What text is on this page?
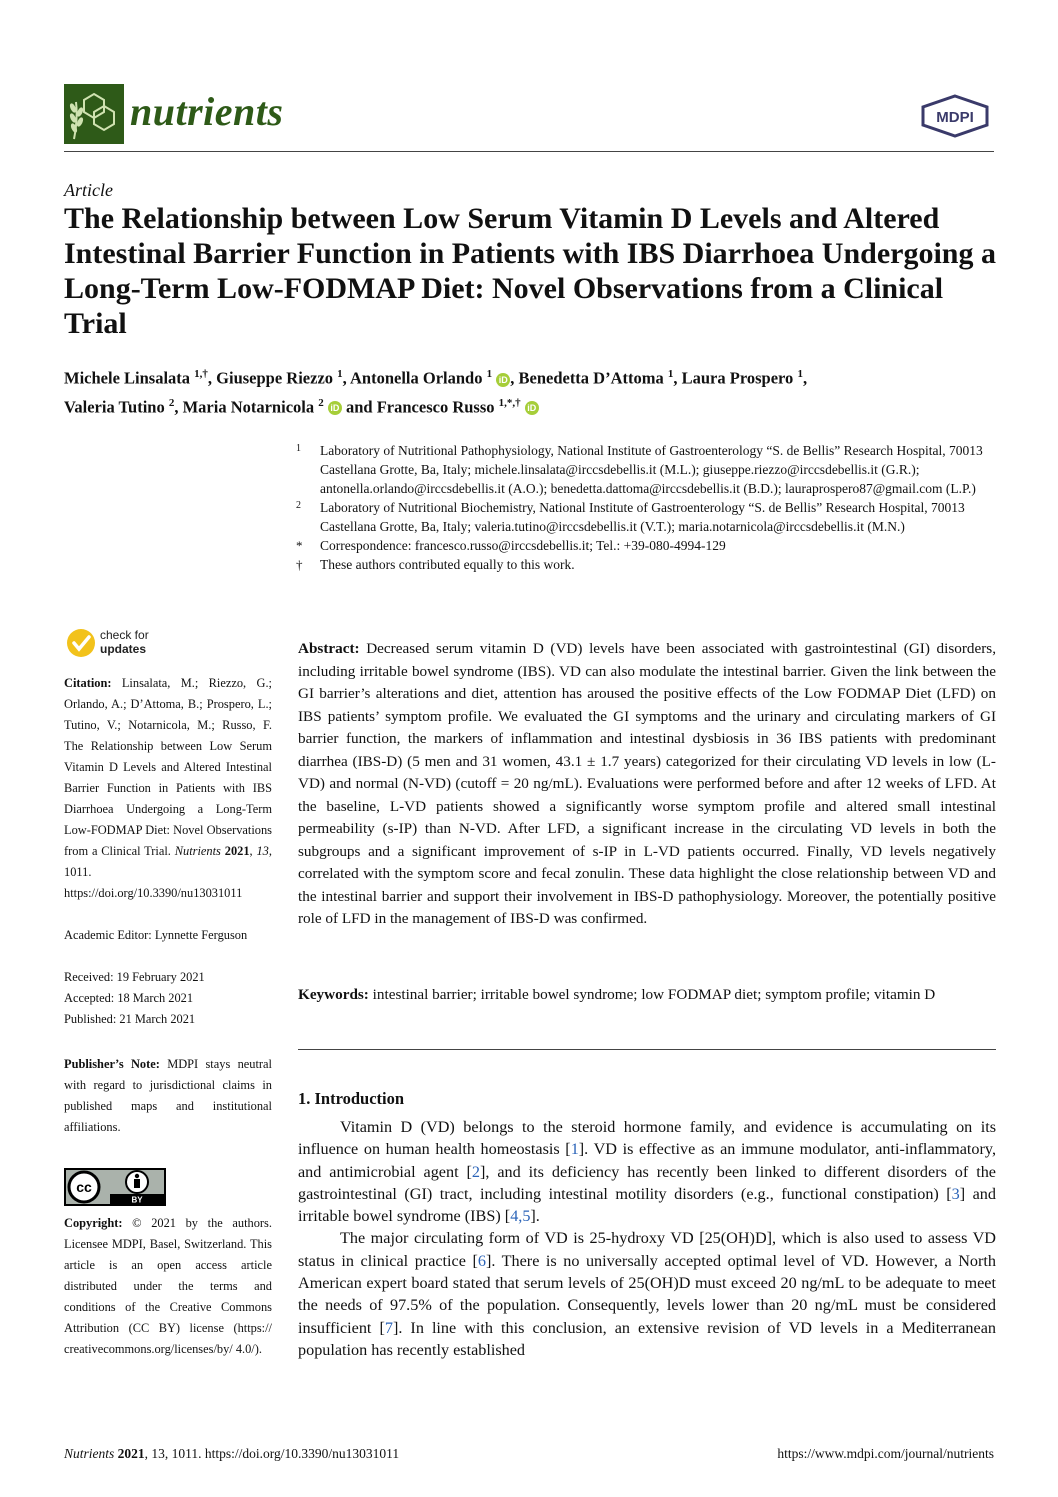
nutrients	MDPI
Article
The Relationship between Low Serum Vitamin D Levels and Altered Intestinal Barrier Function in Patients with IBS Diarrhoea Undergoing a Long-Term Low-FODMAP Diet: Novel Observations from a Clinical Trial
Michele Linsalata $^{1,\dagger}$, Giuseppe Riezzo $^1$, Antonella Orlando $^1$ iD , Benedetta D’Attoma $^1$, Laura Prospero $^1$,
Valeria Tutino $^2$, Maria Notarnicola $^2$ iD and Francesco Russo $^{1,*,\dagger}$ iD
1 Laboratory of Nutritional Pathophysiology, National Institute of Gastroenterology “S. de Bellis” Research Hospital, 70013 Castellana Grotte, Ba, Italy; michele.linsalata@irccsdebellis.it (M.L.); giuseppe.riezzo@irccsdebellis.it (G.R.); antonella.orlando@irccsdebellis.it (A.O.); benedetta.dattoma@irccsdebellis.it (B.D.); lauraprospero87@gmail.com (L.P.)
2 Laboratory of Nutritional Biochemistry, National Institute of Gastroenterology “S. de Bellis” Research Hospital, 70013 Castellana Grotte, Ba, Italy; valeria.tutino@irccsdebellis.it (V.T.); maria.notarnicola@irccsdebellis.it (M.N.)
* Correspondence: francesco.russo@irccsdebellis.it; Tel.: +39-080-4994-129
† These authors contributed equally to this work.
check for
updates

Citation: Linsalata, M.; Riezzo, G.; Orlando, A.; D’Attoma, B.; Prospero, L.; Tutino, V.; Notarnicola, M.; Russo, F. The Relationship between Low Serum Vitamin D Levels and Altered Intestinal Barrier Function in Patients with IBS Diarrhoea Undergoing a Long-Term Low-FODMAP Diet: Novel Observations from a Clinical Trial. Nutrients 2021, 13, 1011. https://doi.org/10.3390/nu13031011

Academic Editor: Lynnette Ferguson

Received: 19 February 2021

Accepted: 18 March 2021

Published: 21 March 2021

Publisher’s Note: MDPI stays neutral with regard to jurisdictional claims in published maps and institutional affiliations.

cc
BY

Copyright: © 2021 by the authors. Licensee MDPI, Basel, Switzerland. This article is an open access article distributed under the terms and conditions of the Creative Commons Attribution (CC BY) license (https:// creativecommons.org/licenses/by/ 4.0/).

Abstract: Decreased serum vitamin D (VD) levels have been associated with gastrointestinal (GI) disorders, including irritable bowel syndrome (IBS). VD can also modulate the intestinal barrier. Given the link between the GI barrier’s alterations and diet, attention has aroused the positive effects of the Low FODMAP Diet (LFD) on IBS patients’ symptom profile. We evaluated the GI symptoms and the urinary and circulating markers of GI barrier function, the markers of inflammation and intestinal dysbiosis in 36 IBS patients with predominant diarrhea (IBS-D) (5 men and 31 women, 43.1 ± 1.7 years) categorized for their circulating VD levels in low (L-VD) and normal (N-VD) (cutoff = 20 ng/mL). Evaluations were performed before and after 12 weeks of LFD. At the baseline, L-VD patients showed a significantly worse symptom profile and altered small intestinal permeability (s-IP) than N-VD. After LFD, a significant increase in the circulating VD levels in both the subgroups and a significant improvement of s-IP in L-VD patients occurred. Finally, VD levels negatively correlated with the symptom score and fecal zonulin. These data highlight the close relationship between VD and the intestinal barrier and support their involvement in IBS-D pathophysiology. Moreover, the potentially positive role of LFD in the management of IBS-D was confirmed.

Keywords: intestinal barrier; irritable bowel syndrome; low FODMAP diet; symptom profile; vitamin D

1. Introduction

Vitamin D (VD) belongs to the steroid hormone family, and evidence is accumulating on its influence on human health homeostasis [1]. VD is effective as an immune modulator, anti-inflammatory, and antimicrobial agent [2], and its deficiency has recently been linked to different disorders of the gastrointestinal (GI) tract, including intestinal motility disorders (e.g., functional constipation) [3] and irritable bowel syndrome (IBS) [4,5].

The major circulating form of VD is 25-hydroxy VD [25(OH)D], which is also used to assess VD status in clinical practice [6]. There is no universally accepted optimal level of VD. However, a North American expert board stated that serum levels of 25(OH)D must exceed 20 ng/mL to be adequate to meet the needs of 97.5% of the population. Consequently, levels lower than 20 ng/mL must be considered insufficient [7]. In line with this conclusion, an extensive revision of VD levels in a Mediterranean population has recently established

Nutrients 2021, 13, 1011. https://doi.org/10.3390/nu13031011	https://www.mdpi.com/journal/nutrients
